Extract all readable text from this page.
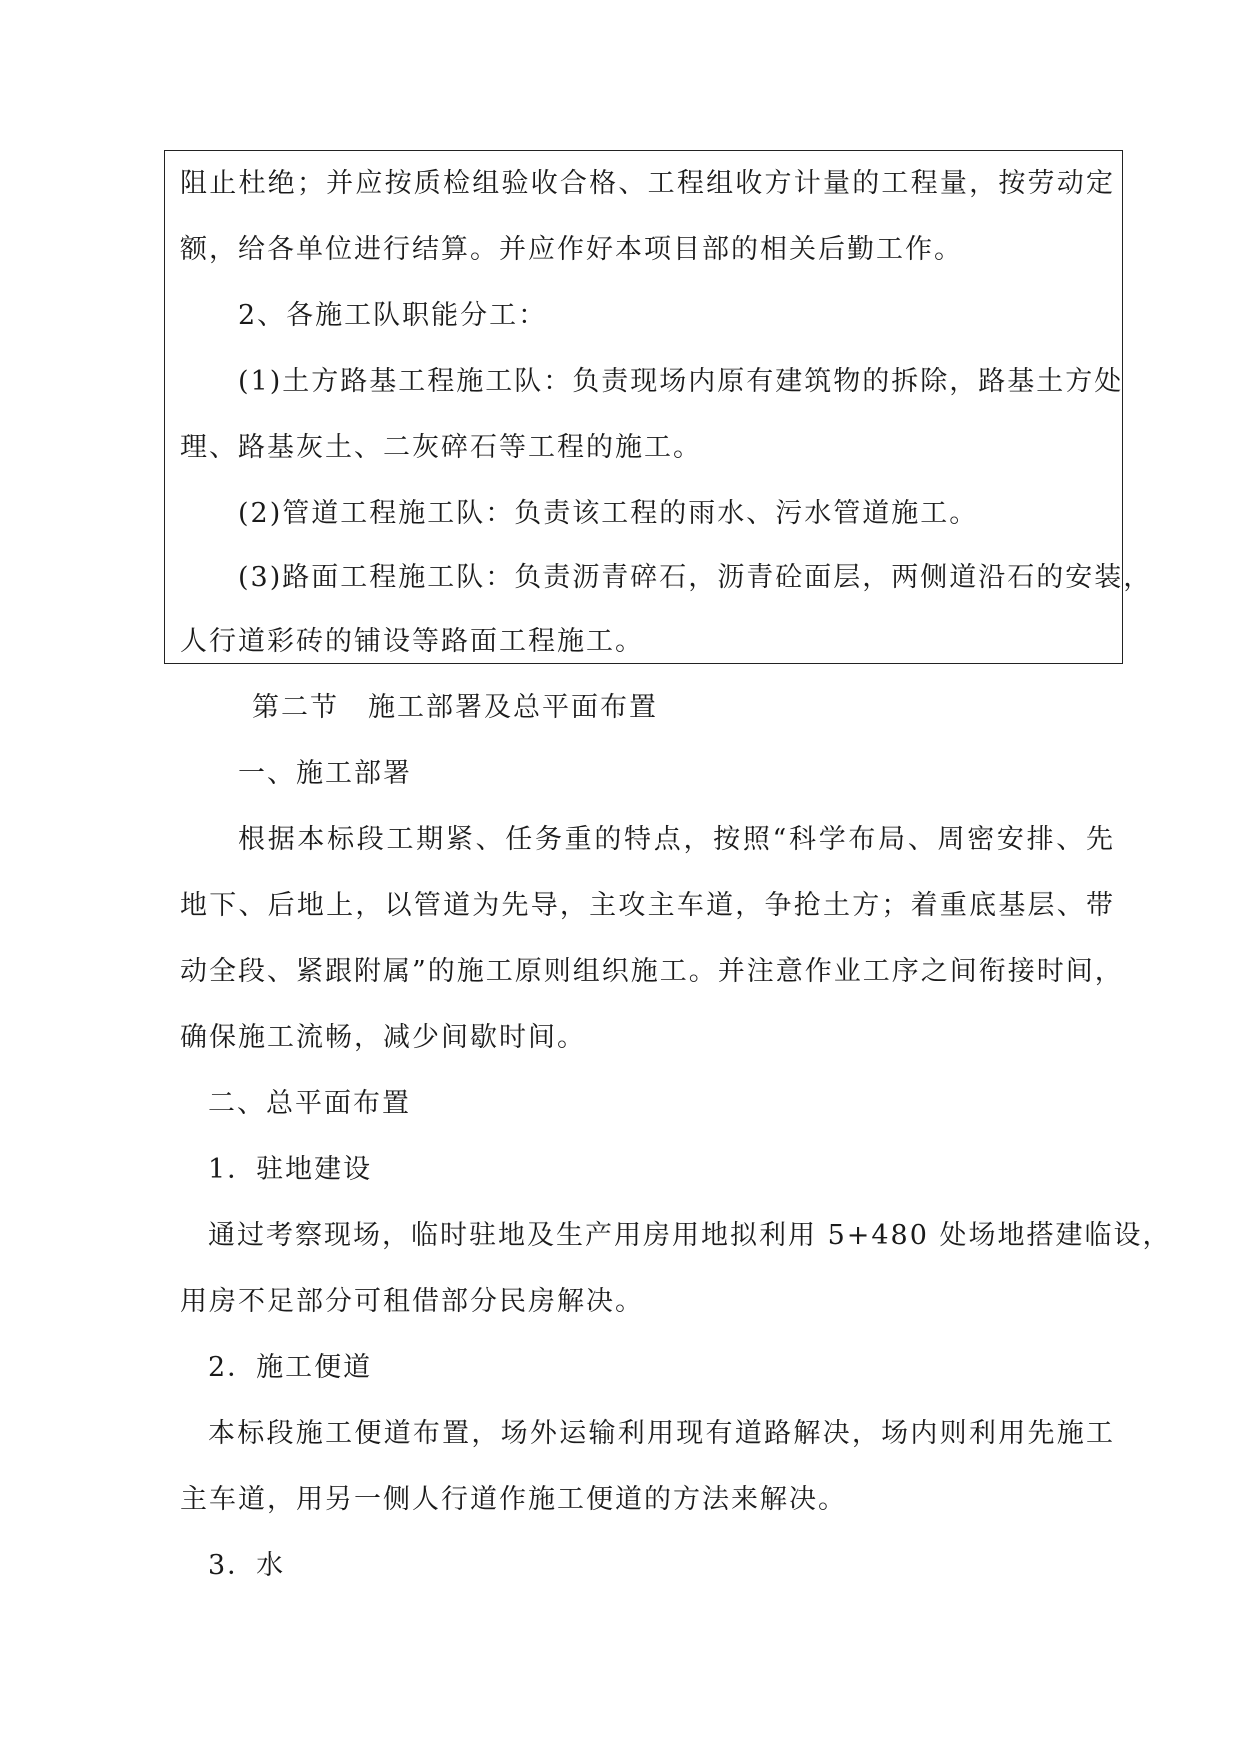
阻止杜绝；并应按质检组验收合格、工程组收方计量的工程量，按劳动定
额，给各单位进行结算。并应作好本项目部的相关后勤工作。
2、各施工队职能分工：
(1)土方路基工程施工队：负责现场内原有建筑物的拆除，路基土方处
理、路基灰土、二灰碎石等工程的施工。
(2)管道工程施工队：负责该工程的雨水、污水管道施工。
(3)路面工程施工队：负责沥青碎石，沥青砼面层，两侧道沿石的安装，
人行道彩砖的铺设等路面工程施工。
第二节　施工部署及总平面布置
一、施工部署
根据本标段工期紧、任务重的特点，按照“科学布局、周密安排、先
地下、后地上，以管道为先导，主攻主车道，争抢土方；着重底基层、带
动全段、紧跟附属”的施工原则组织施工。并注意作业工序之间衔接时间，
确保施工流畅，减少间歇时间。
二、总平面布置
1．驻地建设
通过考察现场，临时驻地及生产用房用地拟利用 5+480 处场地搭建临设，
用房不足部分可租借部分民房解决。
2．施工便道
本标段施工便道布置，场外运输利用现有道路解决，场内则利用先施工
主车道，用另一侧人行道作施工便道的方法来解决。
3．水
